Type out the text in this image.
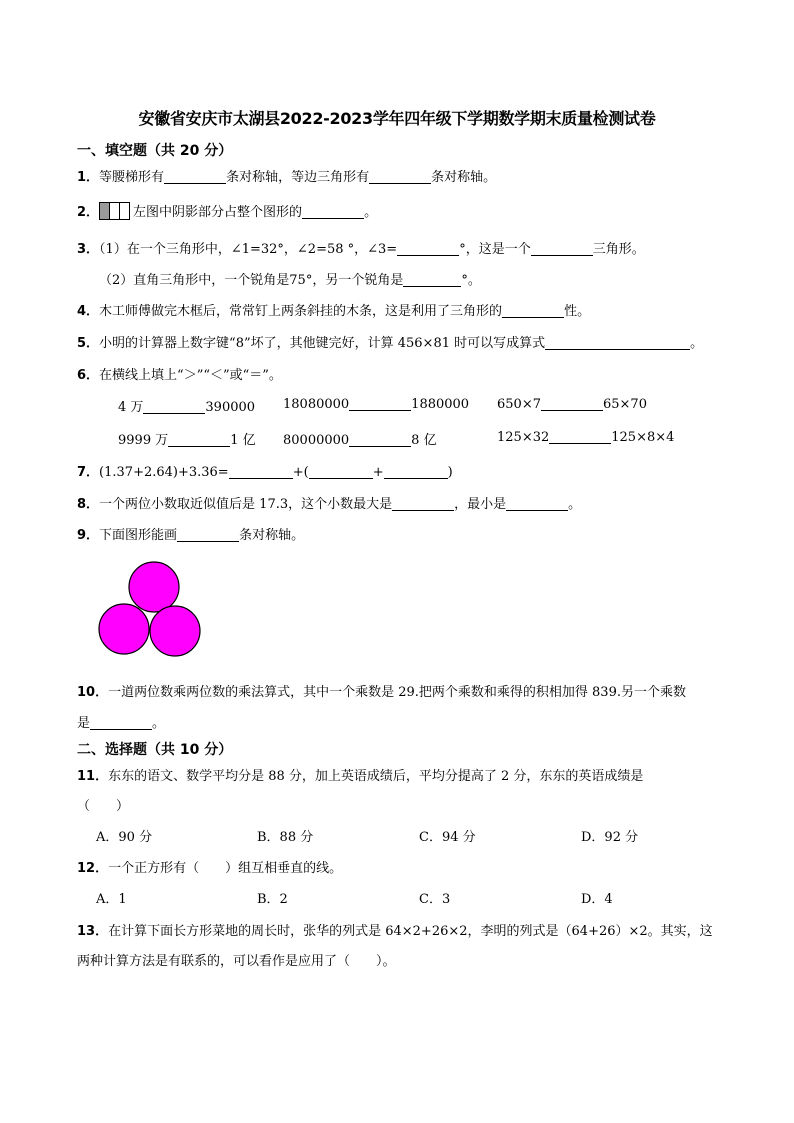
安徽省安庆市太湖县2022-2023学年四年级下学期数学期末质量检测试卷
一、填空题（共 20 分）
1．等腰梯形有	条对称轴，等边三角形有	条对称轴。
2．	左图中阴影部分占整个图形的	。
3．（1）在一个三角形中，∠1=32°，∠2=58 °，∠3=	°，这是一个	三角形。
（2）直角三角形中，一个锐角是75°，另一个锐角是	°。
4．木工师傅做完木框后，常常钉上两条斜挂的木条，这是利用了三角形的	性。
5．小明的计算器上数字键“8”坏了，其他键完好，计算 456×81 时可以写成算式	。
6．在横线上填上“＞”“＜”或“＝”。
4 万	390000 18080000	1880000 650×7	65×70
9999 万	1 亿 80000000	8 亿	125×32	125×8×4
7．(1.37+2.64)+3.36=	+(	+	)
8．一个两位小数取近似值后是 17.3，这个小数最大是	，最小是	。
9．下面图形能画	条对称轴。
10．一道两位数乘两位数的乘法算式，其中一个乘数是 29.把两个乘数和乘得的积相加得 839.另一个乘数
是	。
二、选择题（共 10 分）
11．东东的语文、数学平均分是 88 分，加上英语成绩后，平均分提高了 2 分，东东的英语成绩是
（　　）
A．90 分	B．88 分	C．94 分	D．92 分
12．一个正方形有（　　）组互相垂直的线。
A．1	B．2	C．3	D．4
13．在计算下面长方形菜地的周长时，张华的列式是 64×2+26×2，李明的列式是（64+26）×2。其实，这
两种计算方法是有联系的，可以看作是应用了（　　）。
